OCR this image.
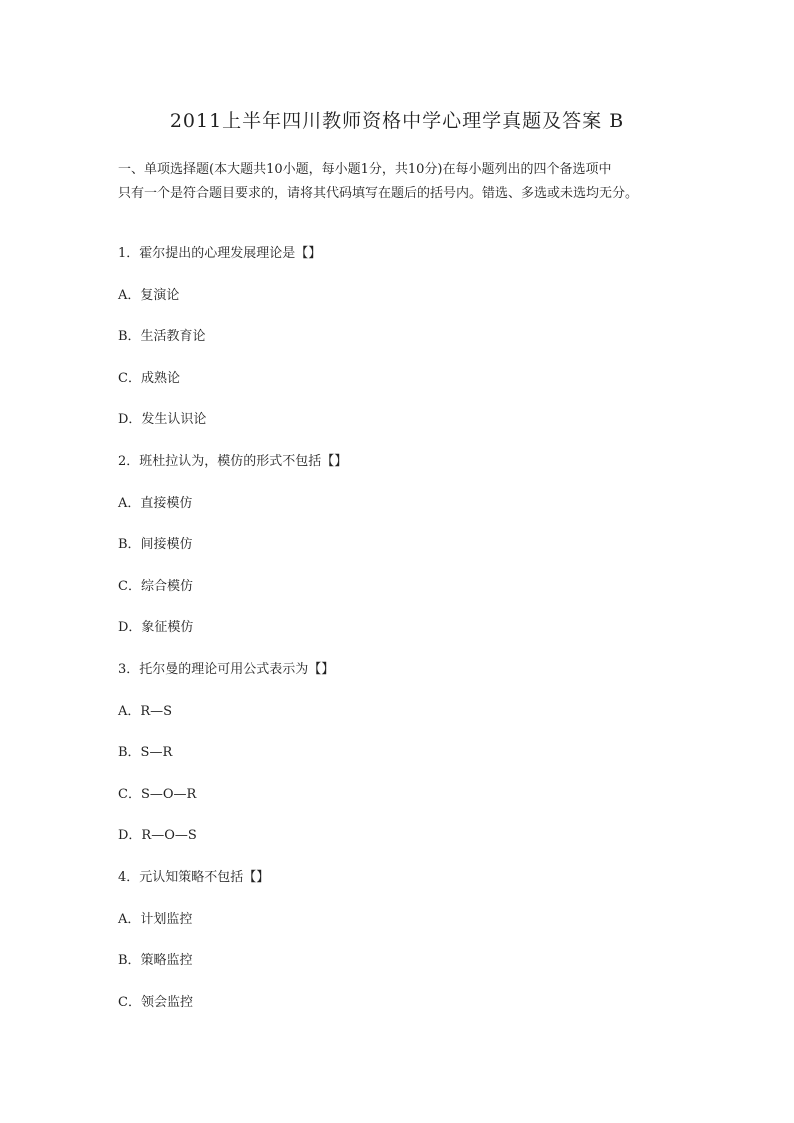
2011上半年四川教师资格中学心理学真题及答案 B
一、单项选择题(本大题共10小题，每小题1分，共10分)在每小题列出的四个备选项中
只有一个是符合题目要求的，请将其代码填写在题后的括号内。错选、多选或未选均无分。
1．霍尔提出的心理发展理论是【】
A．复演论
B．生活教育论
C．成熟论
D．发生认识论
2．班杜拉认为，模仿的形式不包括【】
A．直接模仿
B．间接模仿
C．综合模仿
D．象征模仿
3．托尔曼的理论可用公式表示为【】
A．R—S
B．S—R
C．S—O—R
D．R—O—S
4．元认知策略不包括【】
A．计划监控
B．策略监控
C．领会监控
